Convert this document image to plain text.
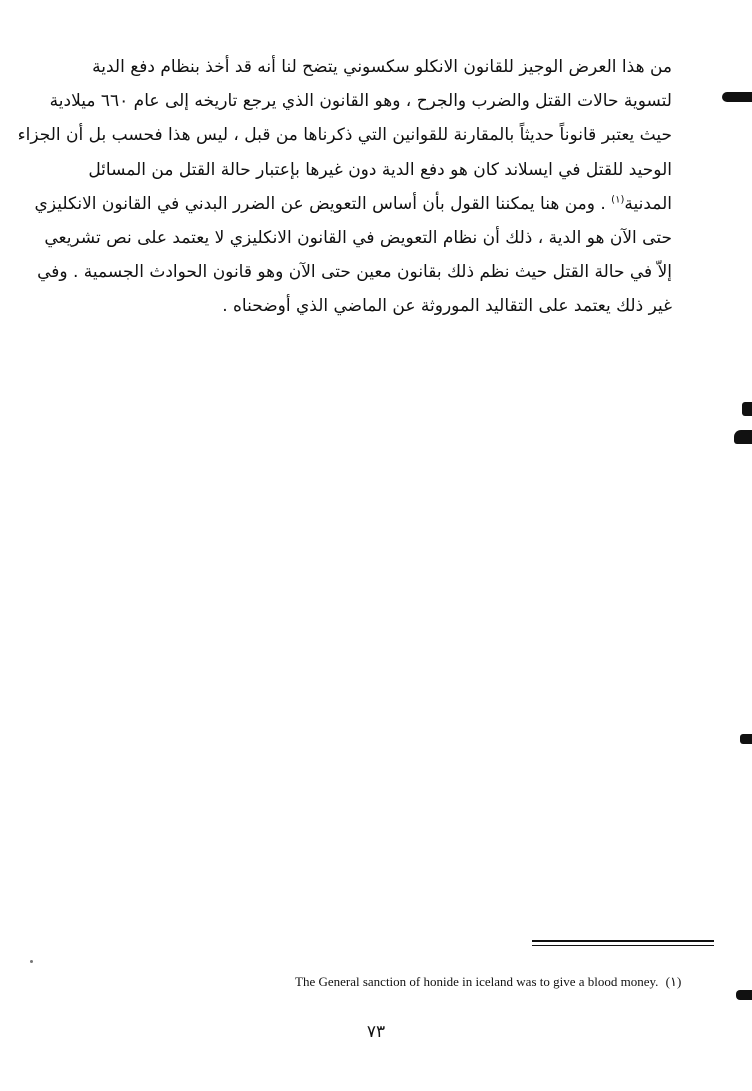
من هذا العرض الوجيز للقانون الانكلو سكسوني يتضح لنا أنه قد أخذ بنظام دفع الدية
لتسوية حالات القتل والضرب والجرح ، وهو القانون الذي يرجع تاريخه إلى عام ٦٦٠ ميلادية
حيث يعتبر قانوناً حديثاً بالمقارنة للقوانين التي ذكرناها من قبل ، ليس هذا فحسب بل أن الجزاء
الوحيد للقتل في ايسلاند كان هو دفع الدية دون غيرها بإعتبار حالة القتل من المسائل
المدنية$^{(١)}$ . ومن هنا يمكننا القول بأن أساس التعويض عن الضرر البدني في القانون الانكليزي
حتى الآن هو الدية ، ذلك أن نظام التعويض في القانون الانكليزي لا يعتمد على نص تشريعي
إلاّ في حالة القتل حيث نظم ذلك بقانون معين حتى الآن وهو قانون الحوادث الجسمية . وفي
غير ذلك يعتمد على التقاليد الموروثة عن الماضي الذي أوضحناه .
The General sanction of honide in iceland was to give a blood money. (١)
٧٣
